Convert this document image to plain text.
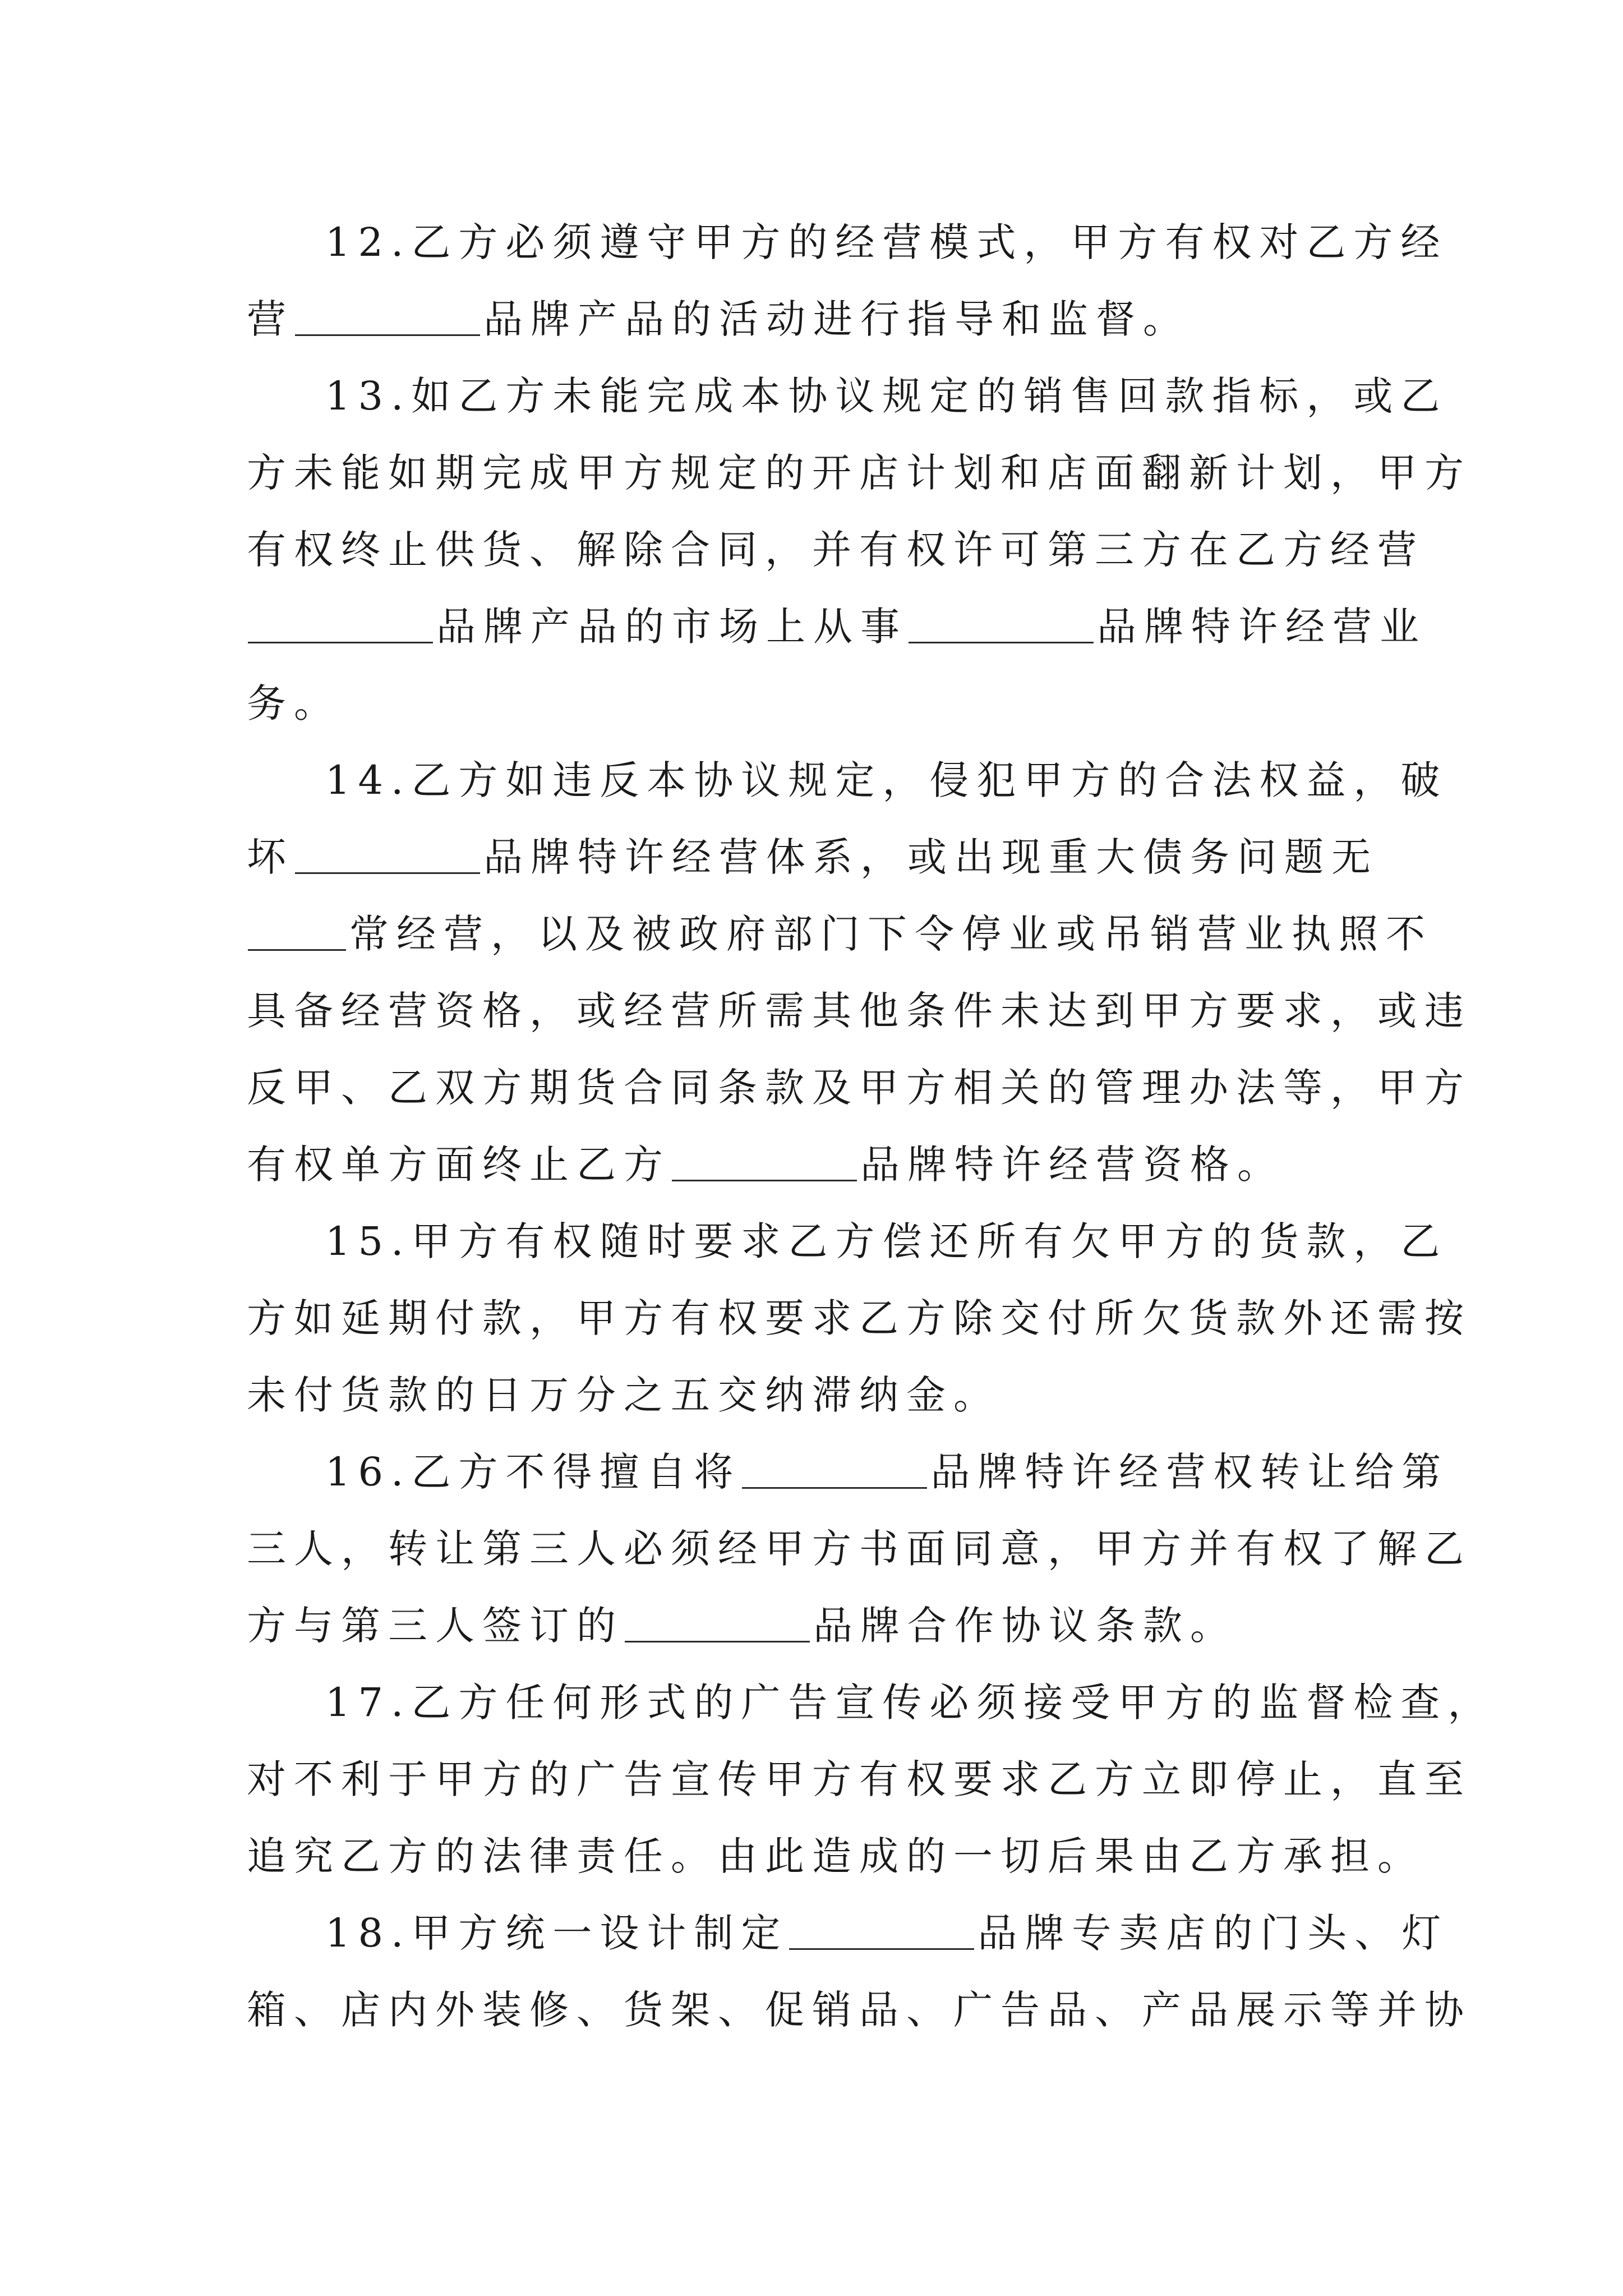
12.乙方必须遵守甲方的经营模式，甲方有权对乙方经

营	品牌产品的活动进行指导和监督。

13.如乙方未能完成本协议规定的销售回款指标，或乙

方未能如期完成甲方规定的开店计划和店面翻新计划，甲方

有权终止供货、解除合同，并有权许可第三方在乙方经营

品牌产品的市场上从事	品牌特许经营业

务。

14.乙方如违反本协议规定，侵犯甲方的合法权益，破

坏	品牌特许经营体系，或出现重大债务问题无

常经营，以及被政府部门下令停业或吊销营业执照不

具备经营资格，或经营所需其他条件未达到甲方要求，或违

反甲、乙双方期货合同条款及甲方相关的管理办法等，甲方

有权单方面终止乙方	品牌特许经营资格。

15.甲方有权随时要求乙方偿还所有欠甲方的货款，乙

方如延期付款，甲方有权要求乙方除交付所欠货款外还需按

未付货款的日万分之五交纳滞纳金。

16.乙方不得擅自将	品牌特许经营权转让给第

三人，转让第三人必须经甲方书面同意，甲方并有权了解乙

方与第三人签订的	品牌合作协议条款。

17.乙方任何形式的广告宣传必须接受甲方的监督检查，

对不利于甲方的广告宣传甲方有权要求乙方立即停止，直至

追究乙方的法律责任。由此造成的一切后果由乙方承担。

18.甲方统一设计制定	品牌专卖店的门头、灯

箱、店内外装修、货架、促销品、广告品、产品展示等并协
